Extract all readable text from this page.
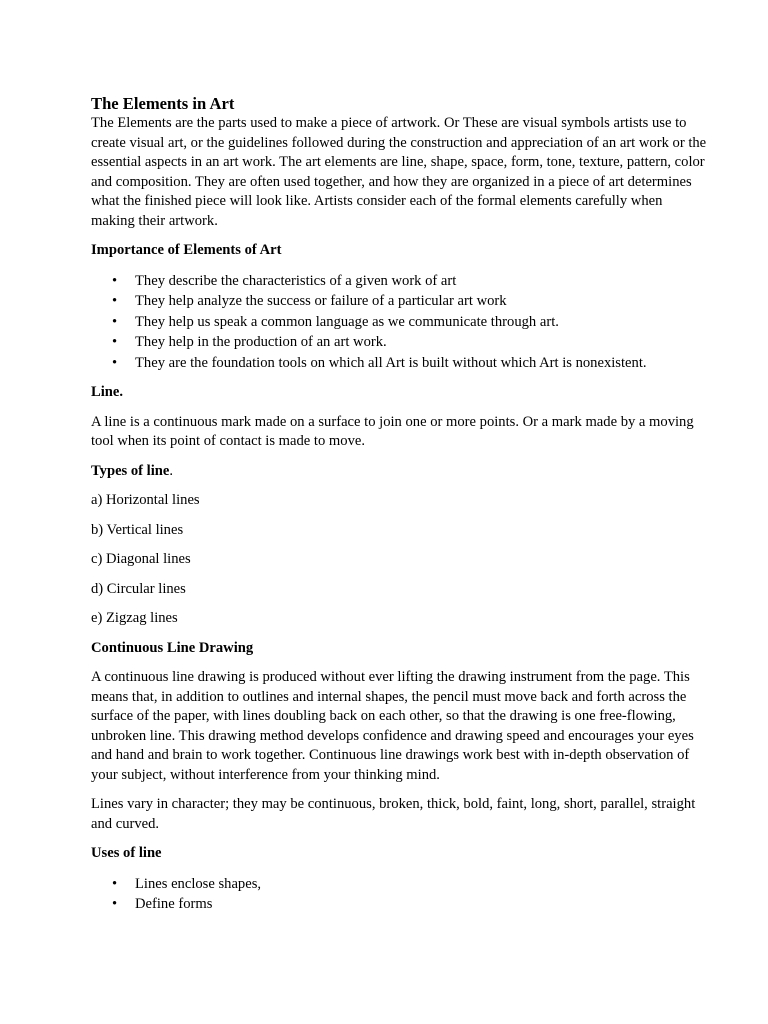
The Elements in Art

The Elements are the parts used to make a piece of artwork. Or These are visual symbols artists use to create visual art, or the guidelines followed during the construction and appreciation of an art work or the essential aspects in an art work. The art elements are line, shape, space, form, tone, texture, pattern, color and composition. They are often used together, and how they are organized in a piece of art determines what the finished piece will look like. Artists consider each of the formal elements carefully when making their artwork.

Importance of Elements of Art

• They describe the characteristics of a given work of art
• They help analyze the success or failure of a particular art work
• They help us speak a common language as we communicate through art.
• They help in the production of an art work.
• They are the foundation tools on which all Art is built without which Art is nonexistent.

Line.

A line is a continuous mark made on a surface to join one or more points. Or a mark made by a moving tool when its point of contact is made to move.

Types of line.

a) Horizontal lines

b) Vertical lines

c) Diagonal lines

d) Circular lines

e) Zigzag lines

Continuous Line Drawing

A continuous line drawing is produced without ever lifting the drawing instrument from the page. This means that, in addition to outlines and internal shapes, the pencil must move back and forth across the surface of the paper, with lines doubling back on each other, so that the drawing is one free-flowing, unbroken line. This drawing method develops confidence and drawing speed and encourages your eyes and hand and brain to work together. Continuous line drawings work best with in-depth observation of your subject, without interference from your thinking mind.

Lines vary in character; they may be continuous, broken, thick, bold, faint, long, short, parallel, straight and curved.

Uses of line

• Lines enclose shapes,
• Define forms
